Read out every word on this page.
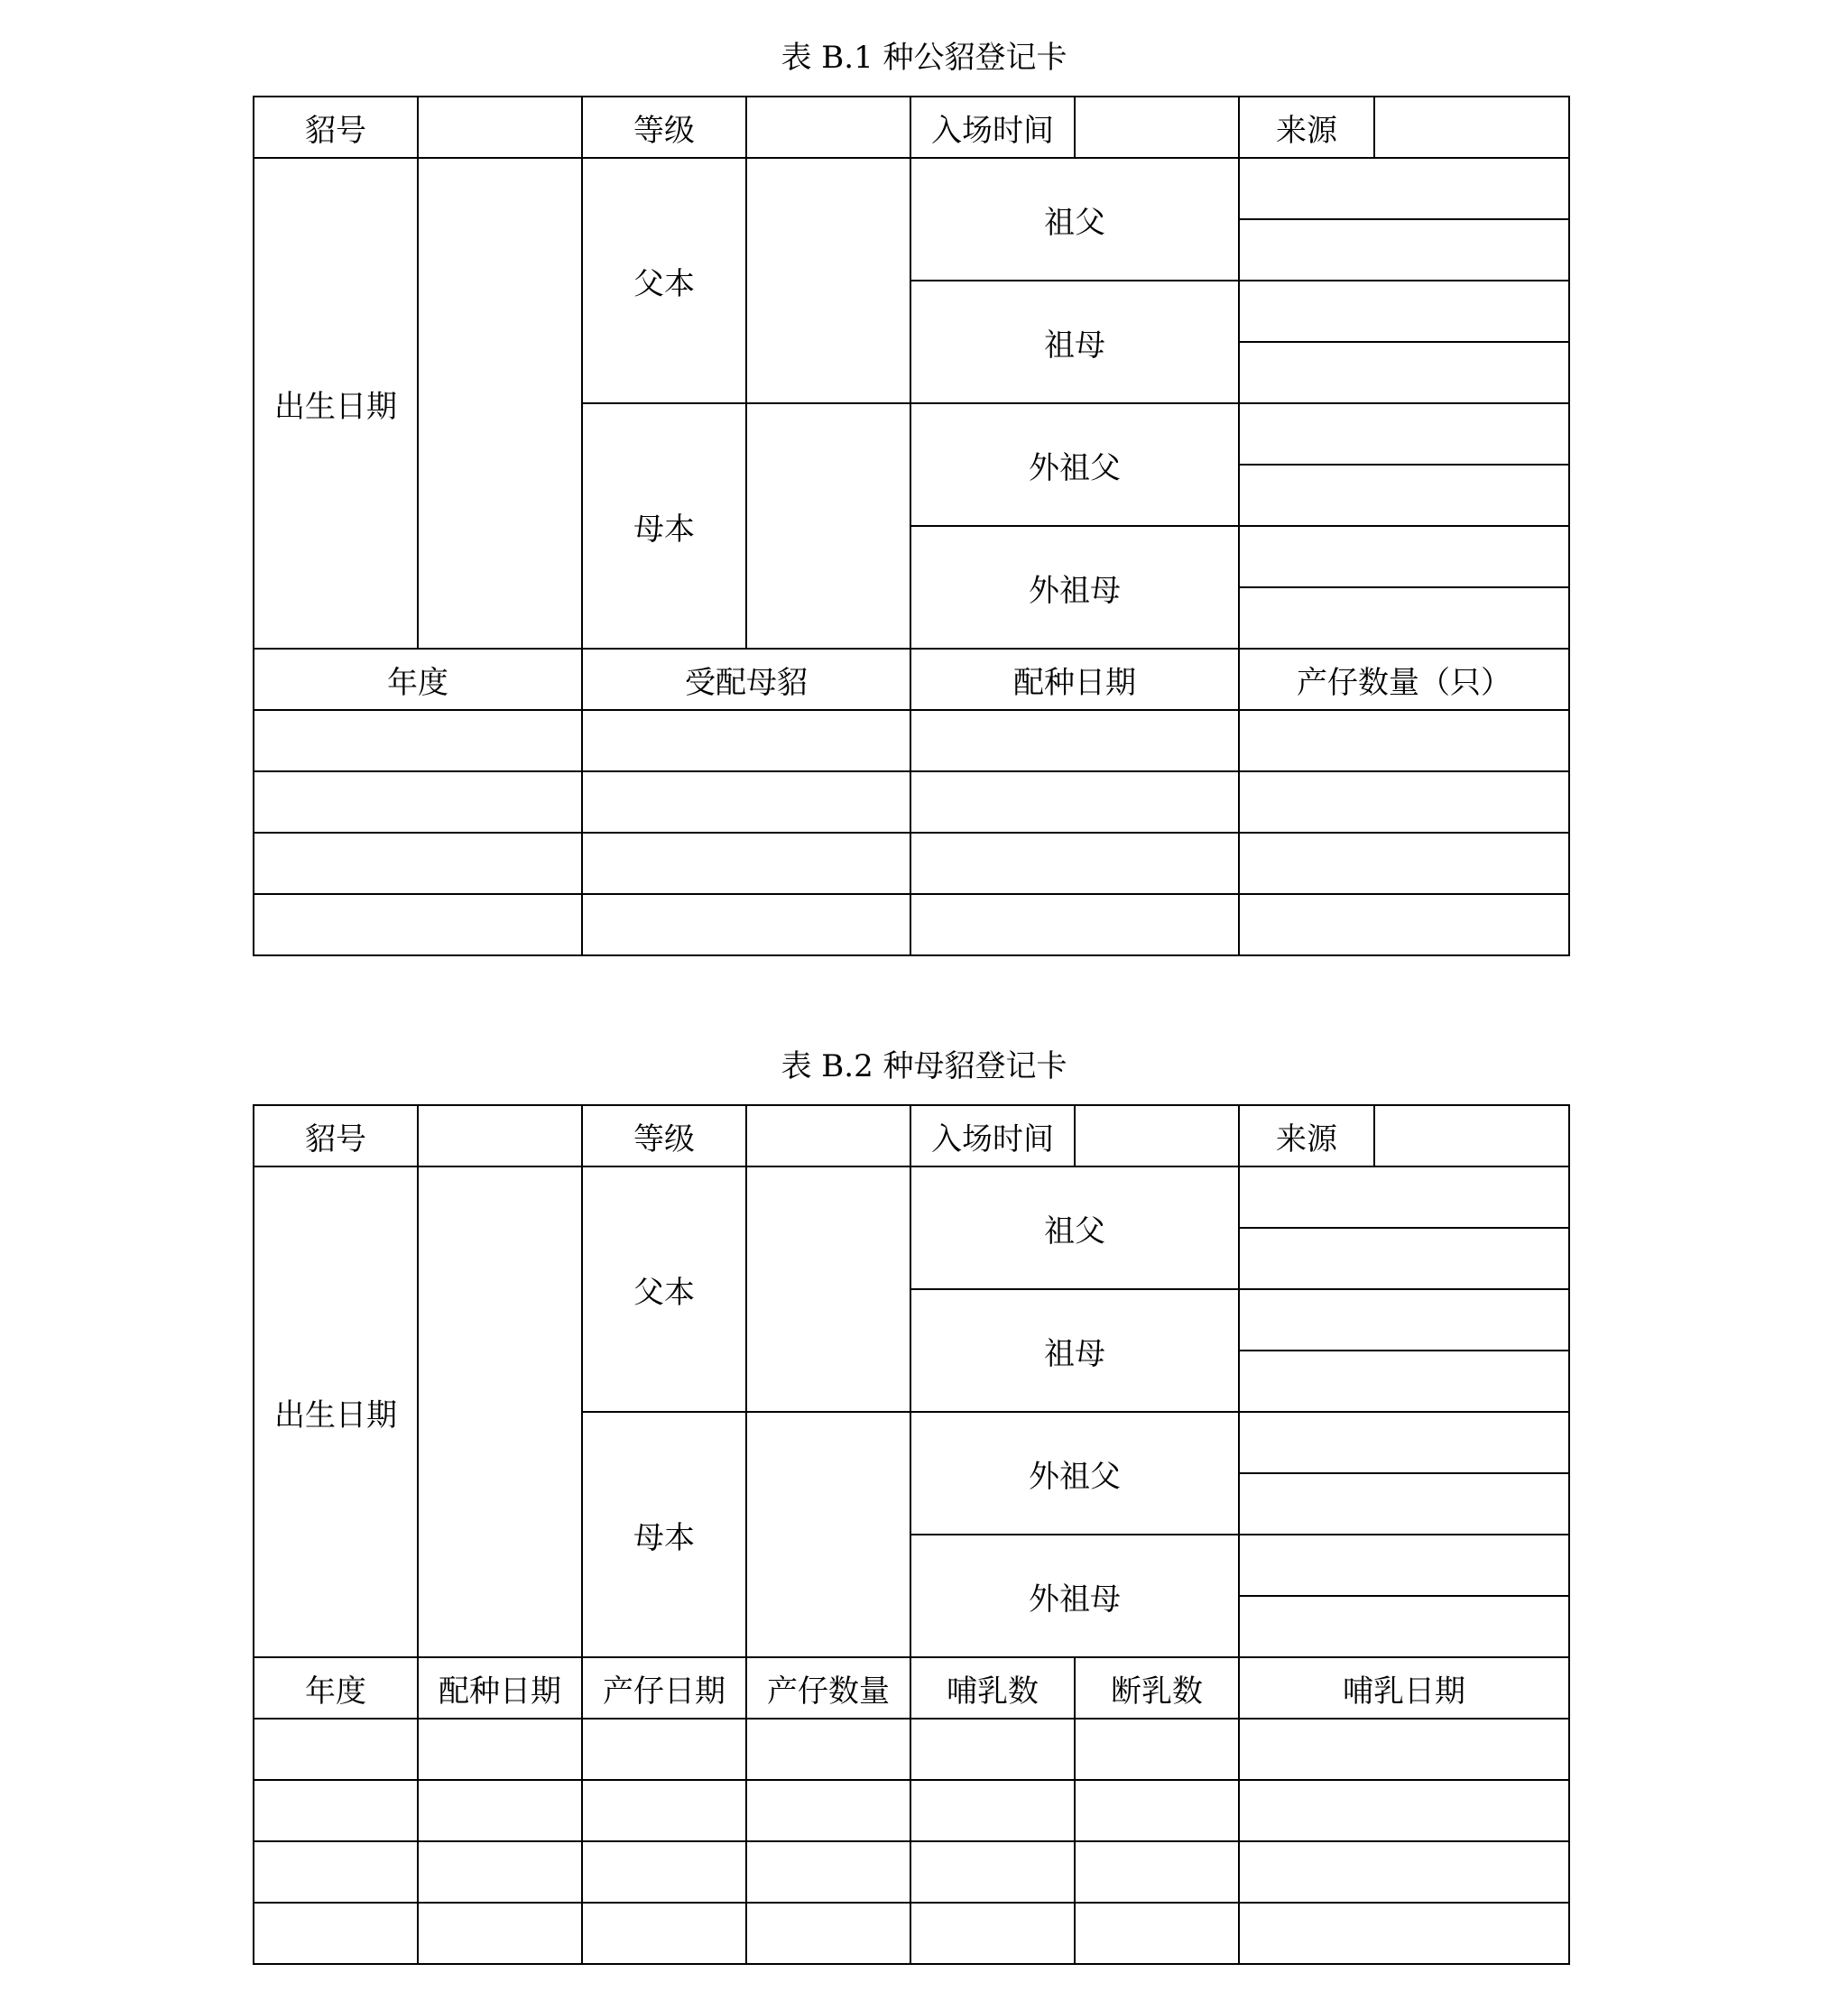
表 B.1 种公貂登记卡
貂号		等级		入场时间		来源	
出生日期		父本		祖父			

				祖母			

		母本		外祖父			

				外祖母			

年度		受配母貂		配种日期		产仔数量（只）	

表 B.2 种母貂登记卡
貂号		等级		入场时间		来源	
出生日期		父本		祖父			

				祖母			

		母本		外祖父			

				外祖母			

年度	配种日期	产仔日期	产仔数量	哺乳数	断乳数	哺乳日期	
